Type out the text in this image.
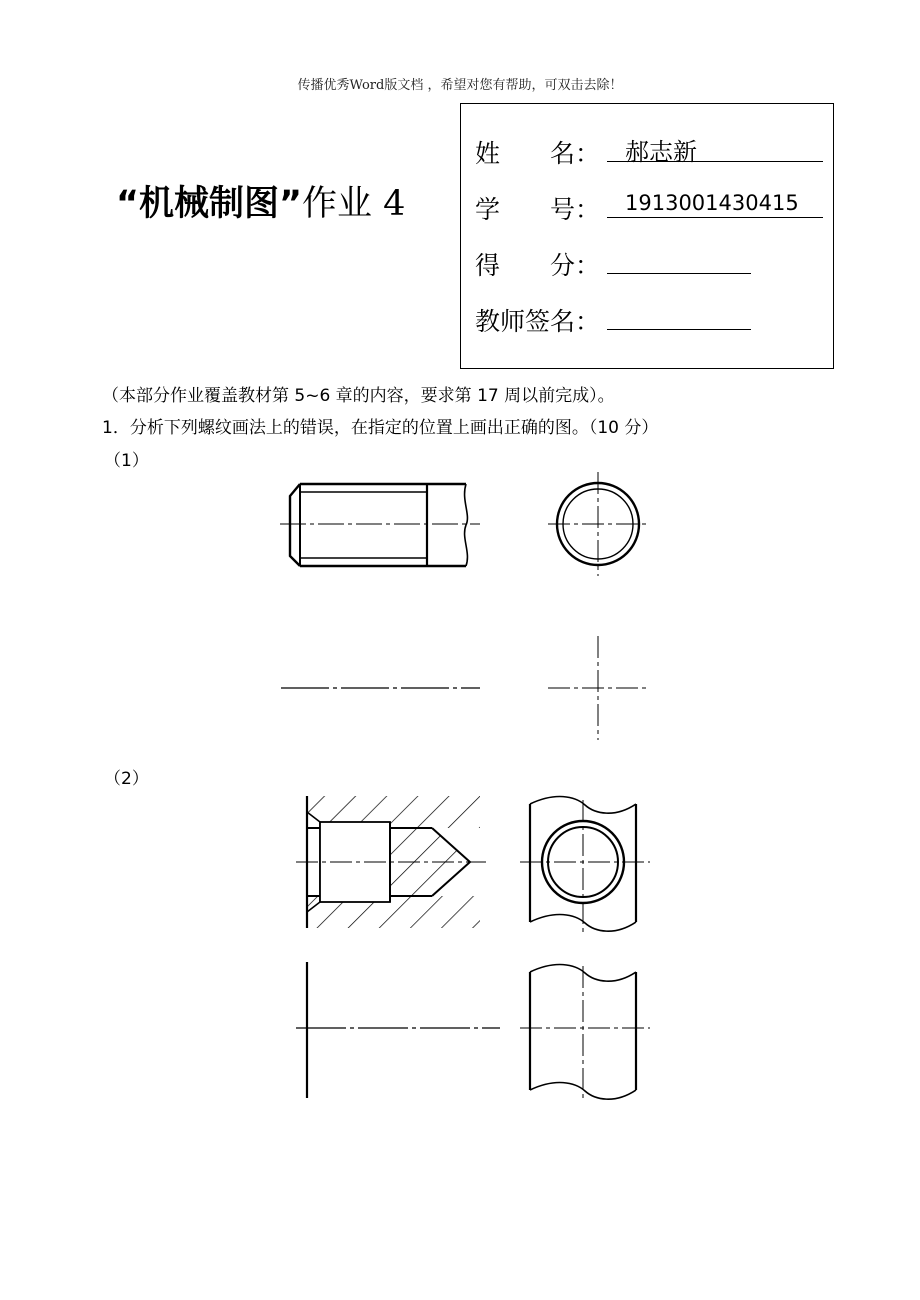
传播优秀Word版文档 ，希望对您有帮助，可双击去除！
“机械制图”作业 4
姓　　名：	郝志新
学　　号：	1913001430415
得　　分：
教师签名：
（本部分作业覆盖教材第 5~6 章的内容，要求第 17 周以前完成）。
1．分析下列螺纹画法上的错误，在指定的位置上画出正确的图。（10 分）
（1）
（2）
